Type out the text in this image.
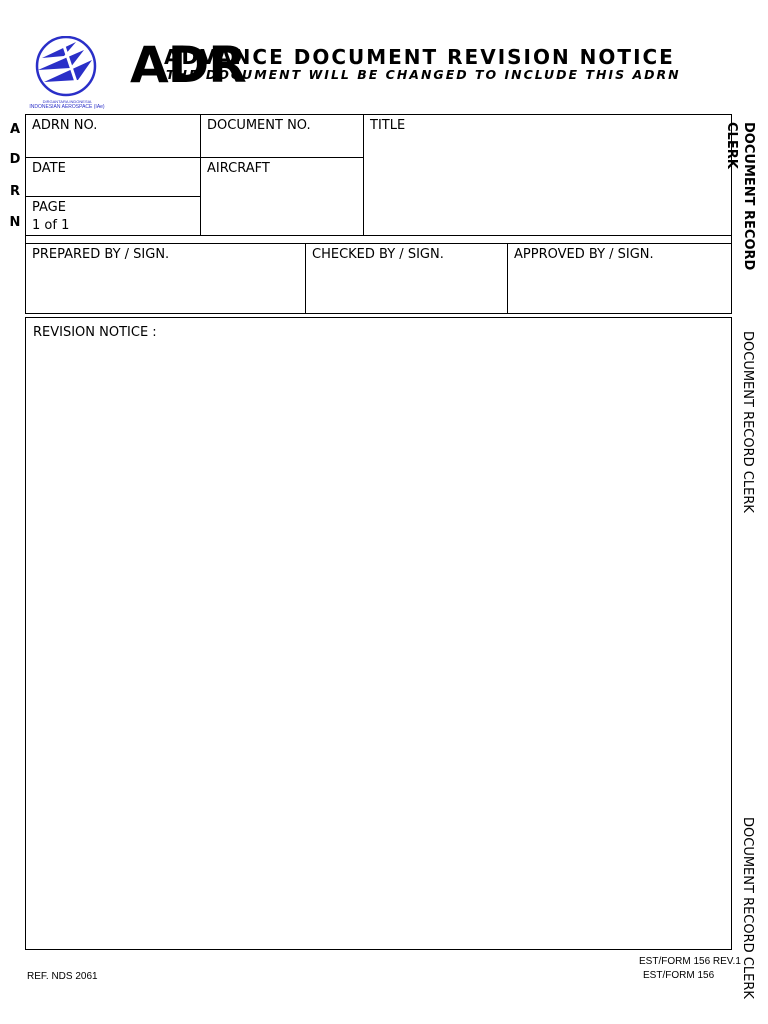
DIRGANTARA INDONESIA
INDONESIAN AEROSPACE (IAe)
ADR
ADVANCE DOCUMENT REVISION NOTICE
THE DOCUMENT WILL BE CHANGED TO INCLUDE THIS ADRN
A
D
R
N
ADRN NO.	DOCUMENT NO.	TITLE
DATE	AIRCRAFT
PAGE
1 of 1
PREPARED BY / SIGN.	CHECKED BY / SIGN.	APPROVED BY / SIGN.
REVISION NOTICE :
DOCUMENT RECORD
CLERK
DOCUMENT RECORD CLERK
DOCUMENT RECORD CLERK
REF. NDS 2061
EST/FORM 156 REV.1
EST/FORM 156
